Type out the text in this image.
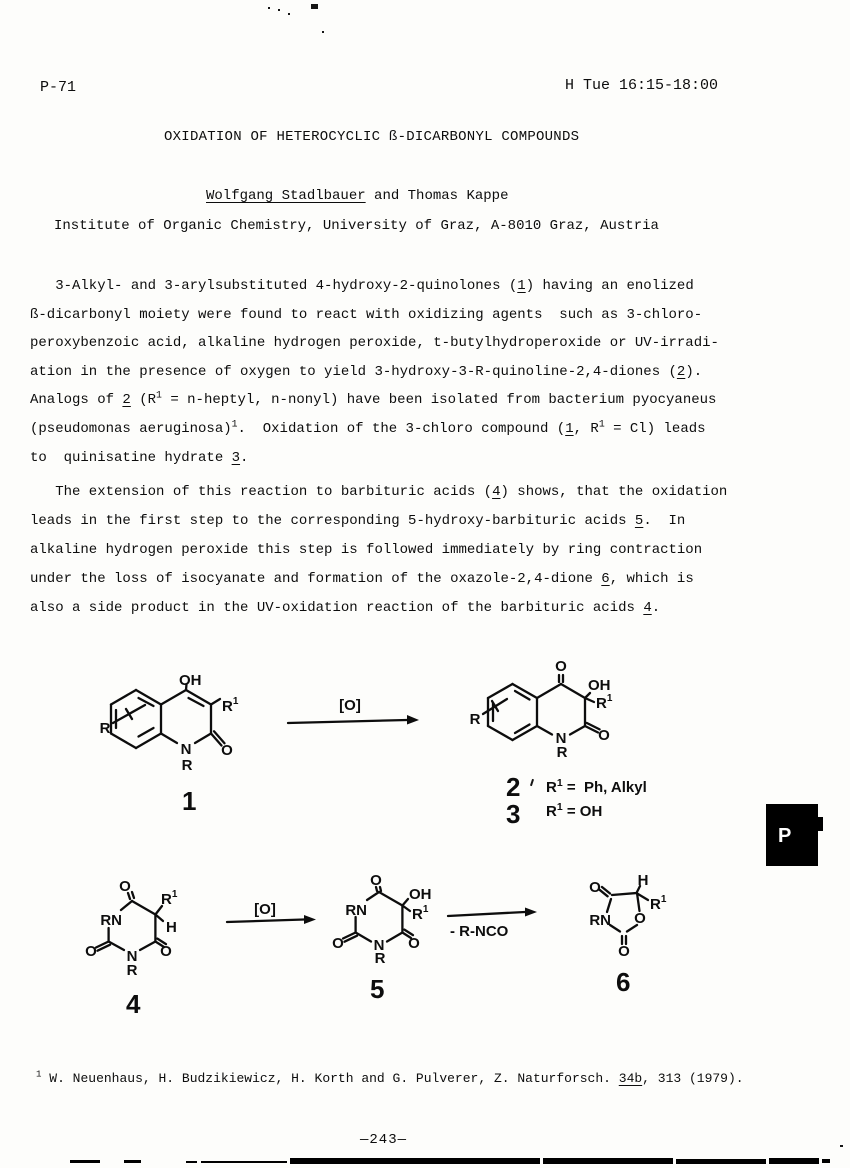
P-71	H Tue 16:15-18:00
OXIDATION OF HETEROCYCLIC ß-DICARBONYL COMPOUNDS
Wolfgang Stadlbauer and Thomas Kappe
Institute of Organic Chemistry, University of Graz, A-8010 Graz, Austria
3-Alkyl- and 3-arylsubstituted 4-hydroxy-2-quinolones (1) having an enolized
ß-dicarbonyl moiety were found to react with oxidizing agents  such as 3-chloro-
peroxybenzoic acid, alkaline hydrogen peroxide, t-butylhydroperoxide or UV-irradi-
ation in the presence of oxygen to yield 3-hydroxy-3-R-quinoline-2,4-diones (2).
Analogs of 2 ($R^1$ = n-heptyl, n-nonyl) have been isolated from bacterium pyocyaneus
(pseudomonas aeruginosa)$^1$.  Oxidation of the 3-chloro compound (1, $R^1 = Cl$) leads
to  quinisatine hydrate 3.
The extension of this reaction to barbituric acids (4) shows, that the oxidation
leads in the first step to the corresponding 5-hydroxy-barbituric acids 5.  In
alkaline hydrogen peroxide this step is followed immediately by ring contraction
under the loss of isocyanate and formation of the oxazole-2,4-dione 6, which is
also a side product in the UV-oxidation reaction of the barbituric acids 4.
OH
$R^1$
O
N
R
R
1
[O]
O
OH
$R^1$
O
N
R
R
2 $R^1 = Ph$, Alkyl
3 $R^1$ = OH
O
RN
O N
R
O
$R^1$
H
4
[O]
O
RN
O N
R
O
OH
$R^1$
5
- R-NCO
O H
$R^1$
RN O
O
6
$^1$ W. Neuenhaus, H. Budzikiewicz, H. Korth and G. Pulverer, Z. Naturforsch. 34b, 313 (1979).
—243—
P
